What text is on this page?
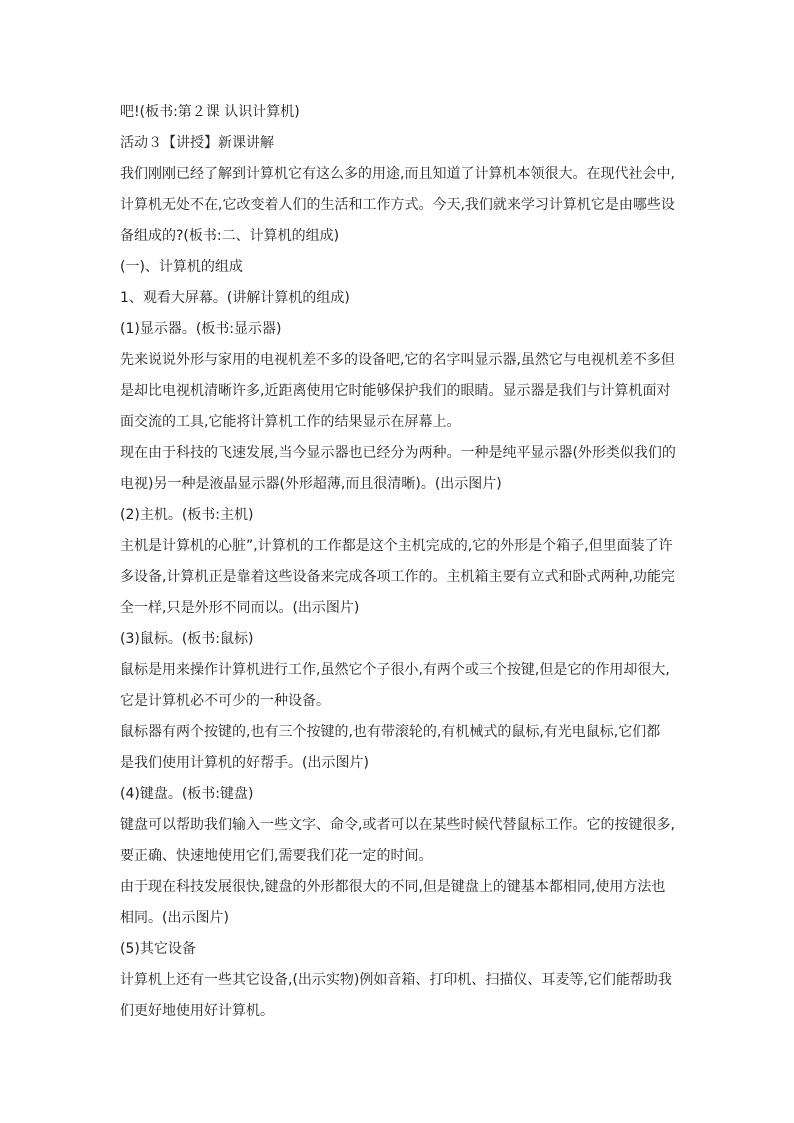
吧!(板书:第２课 认识计算机)
活动３【讲授】新课讲解
我们刚刚已经了解到计算机它有这么多的用途,而且知道了计算机本领很大。在现代社会中,
计算机无处不在,它改变着人们的生活和工作方式。今天,我们就来学习计算机它是由哪些设
备组成的?(板书:二、计算机的组成)
(一)、计算机的组成
1、观看大屏幕。(讲解计算机的组成)
(1)显示器。(板书:显示器)
先来说说外形与家用的电视机差不多的设备吧,它的名字叫显示器,虽然它与电视机差不多但
是却比电视机清晰许多,近距离使用它时能够保护我们的眼睛。显示器是我们与计算机面对
面交流的工具,它能将计算机工作的结果显示在屏幕上。
现在由于科技的飞速发展,当今显示器也已经分为两种。一种是纯平显示器(外形类似我们的
电视)另一种是液晶显示器(外形超薄,而且很清晰)。(出示图片)
(2)主机。(板书:主机)
主机是计算机的心脏”,计算机的工作都是这个主机完成的,它的外形是个箱子,但里面装了许
多设备,计算机正是靠着这些设备来完成各项工作的。主机箱主要有立式和卧式两种,功能完
全一样,只是外形不同而以。(出示图片)
(3)鼠标。(板书:鼠标)
鼠标是用来操作计算机进行工作,虽然它个子很小,有两个或三个按键,但是它的作用却很大,
它是计算机必不可少的一种设备。
鼠标器有两个按键的,也有三个按键的,也有带滚轮的,有机械式的鼠标,有光电鼠标,它们都
是我们使用计算机的好帮手。(出示图片)
(4)键盘。(板书:键盘)
键盘可以帮助我们输入一些文字、命令,或者可以在某些时候代替鼠标工作。它的按键很多,
要正确、快速地使用它们,需要我们花一定的时间。
由于现在科技发展很快,键盘的外形都很大的不同,但是键盘上的键基本都相同,使用方法也
相同。(出示图片)
(5)其它设备
计算机上还有一些其它设备,(出示实物)例如音箱、打印机、扫描仪、耳麦等,它们能帮助我
们更好地使用好计算机。
